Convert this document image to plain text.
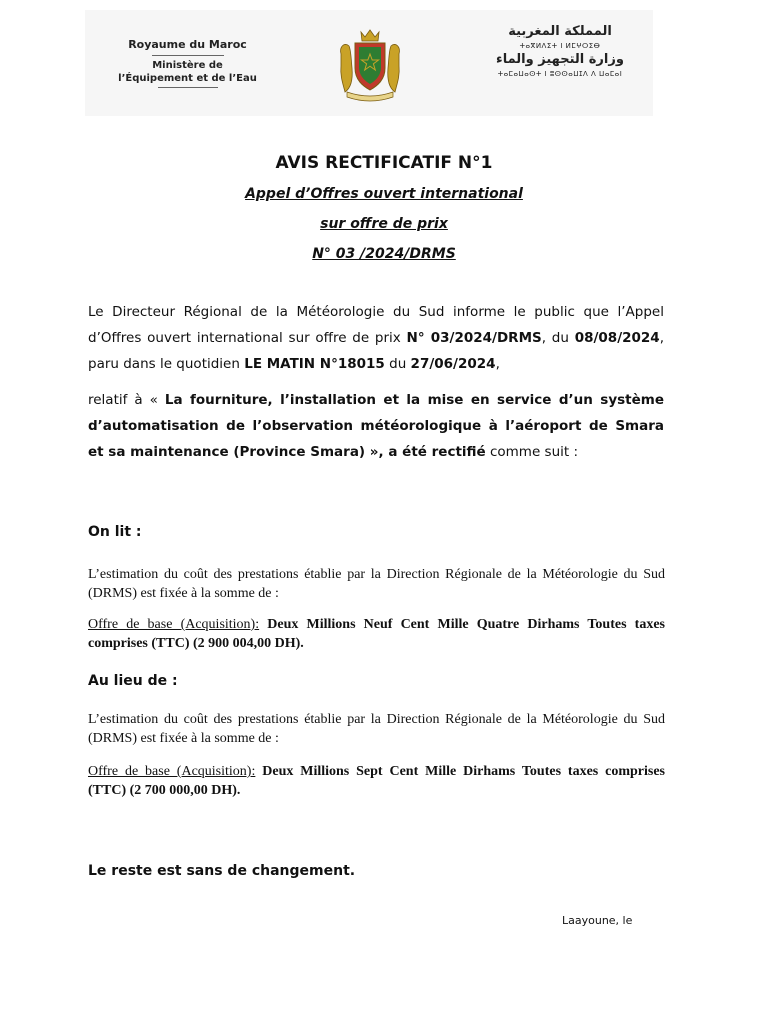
Royaume du Maroc
Ministère de
l’Équipement et de l’Eau
المملكة المغربية
ⵜⴰⴳⵍⴷⵉⵜ ⵏ ⵍⵎⵖⵔⵉⴱ
وزارة التجهيز والماء
ⵜⴰⵎⴰⵡⴰⵙⵜ ⵏ ⵓⵙⵙⴰⵡⵊⴷ ⴷ ⵡⴰⵎⴰⵏ
AVIS RECTIFICATIF N°1
Appel d’Offres ouvert international
sur offre de prix
N° 03 /2024/DRMS
Le Directeur Régional de la Météorologie du Sud informe le public que l’Appel d’Offres ouvert international sur offre de prix N° 03/2024/DRMS, du 08/08/2024, paru dans le quotidien LE MATIN N°18015 du 27/06/2024,
relatif à « La fourniture, l’installation et la mise en service d’un système d’automatisation de l’observation météorologique à l’aéroport de Smara et sa maintenance (Province Smara) », a été rectifié comme suit :
On lit :
L’estimation du coût des prestations établie par la Direction Régionale de la Météorologie du Sud (DRMS) est fixée à la somme de :
Offre de base (Acquisition): Deux Millions Neuf Cent Mille Quatre Dirhams Toutes taxes comprises (TTC) (2 900 004,00 DH).
Au lieu de :
L’estimation du coût des prestations établie par la Direction Régionale de la Météorologie du Sud (DRMS) est fixée à la somme de :
Offre de base (Acquisition): Deux Millions Sept Cent Mille Dirhams Toutes taxes comprises (TTC) (2 700 000,00 DH).
Le reste est sans de changement.
Laayoune, le
